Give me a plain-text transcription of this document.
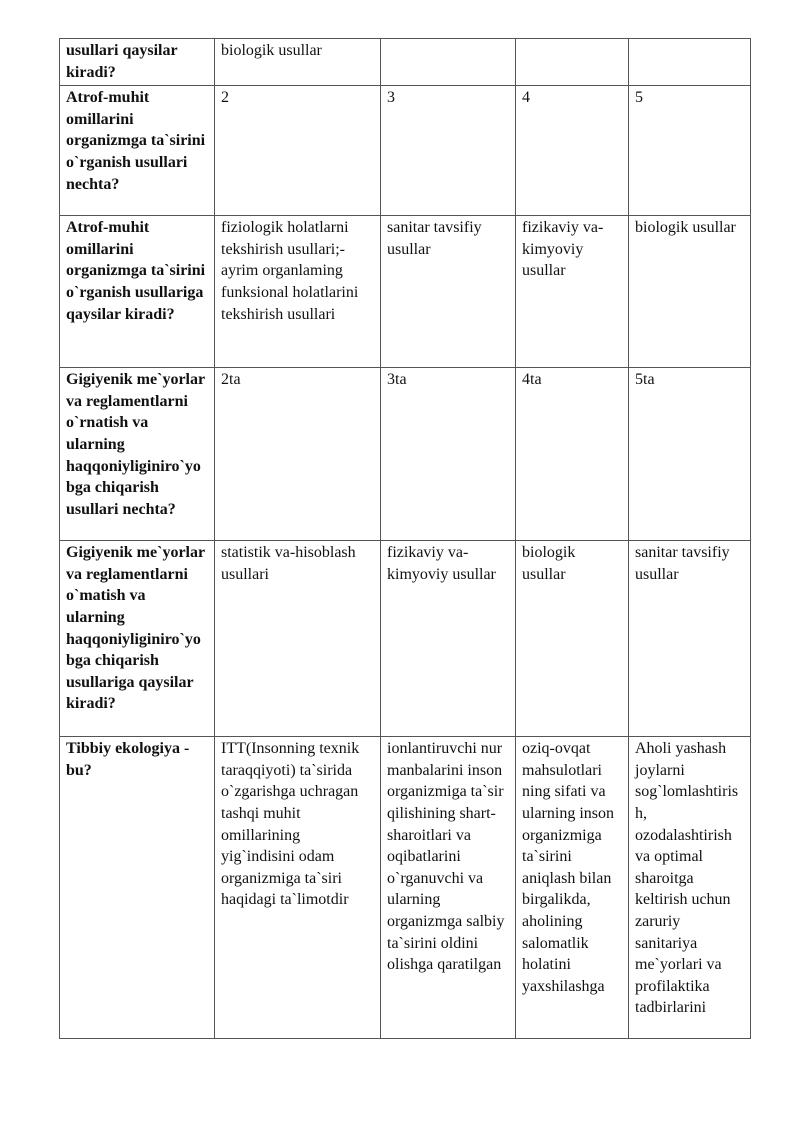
usullari qaysilar kiradi?	biologik usullar			
Atrof-muhit omillarini organizmga ta`sirini o`rganish usullari nechta?	2	3	4	5
Atrof-muhit omillarini organizmga ta`sirini o`rganish usullariga qaysilar kiradi?	fiziologik holatlarni tekshirish usullari;- ayrim organlaming funksional holatlarini tekshirish usullari	sanitar tavsifiy usullar	fizikaviy va-kimyoviy usullar	biologik usullar
Gigiyenik me`yorlar va reglamentlarni o`rnatish va ularning haqqoniyliginiro`yobga chiqarish usullari nechta?	2ta	3ta	4ta	5ta
Gigiyenik me`yorlar va reglamentlarni o`matish va ularning haqqoniyliginiro`yobga chiqarish usullariga qaysilar kiradi?	statistik va-hisoblash usullari	fizikaviy va-kimyoviy usullar	biologik usullar	sanitar tavsifiy usullar
Tibbiy ekologiya - bu?	ITT(Insonning texnik taraqqiyoti) ta`sirida o`zgarishga uchragan tashqi muhit omillarining yig`indisini odam organizmiga ta`siri haqidagi ta`limotdir	ionlantiruvchi nur manbalarini inson organizmiga ta`sir qilishining shart-sharoitlari va oqibatlarini o`rganuvchi va ularning organizmga salbiy ta`sirini oldini olishga qaratilgan	oziq-ovqat mahsulotlari ning sifati va ularning inson organizmiga ta`sirini aniqlash bilan birgalikda, aholining salomatlik holatini yaxshilashga	Aholi yashash joylarni sog`lomlashtirish, ozodalashtirish va optimal sharoitga keltirish uchun zaruriy sanitariya me`yorlari va profilaktika tadbirlarini
